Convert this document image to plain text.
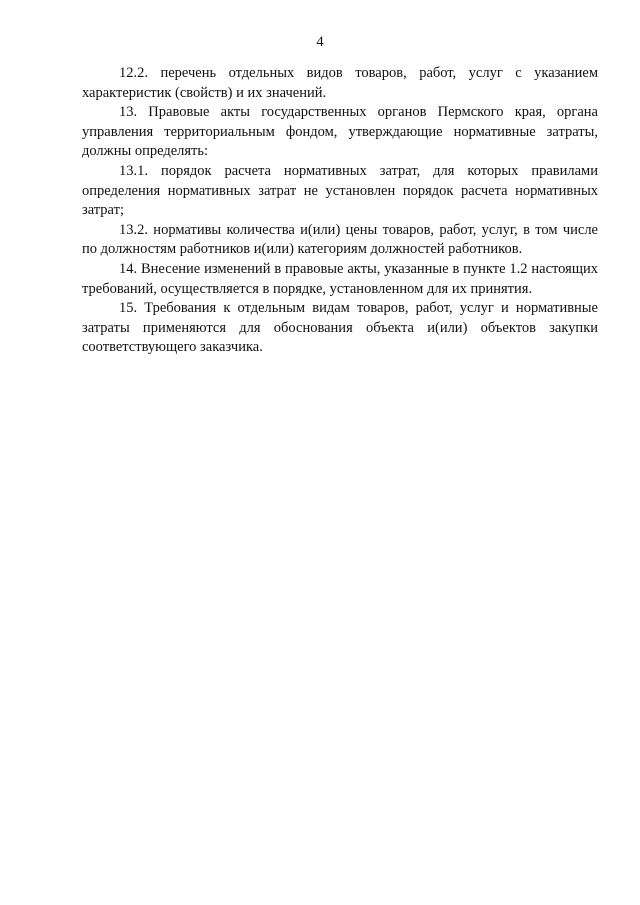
4

12.2. перечень отдельных видов товаров, работ, услуг с указанием характеристик (свойств) и их значений.

13. Правовые акты государственных органов Пермского края, органа управления территориальным фондом, утверждающие нормативные затраты, должны определять:

13.1. порядок расчета нормативных затрат, для которых правилами определения нормативных затрат не установлен порядок расчета нормативных затрат;

13.2. нормативы количества и(или) цены товаров, работ, услуг, в том числе по должностям работников и(или) категориям должностей работников.

14. Внесение изменений в правовые акты, указанные в пункте 1.2 настоящих требований, осуществляется в порядке, установленном для их принятия.

15. Требования к отдельным видам товаров, работ, услуг и нормативные затраты применяются для обоснования объекта и(или) объектов закупки соответствующего заказчика.
